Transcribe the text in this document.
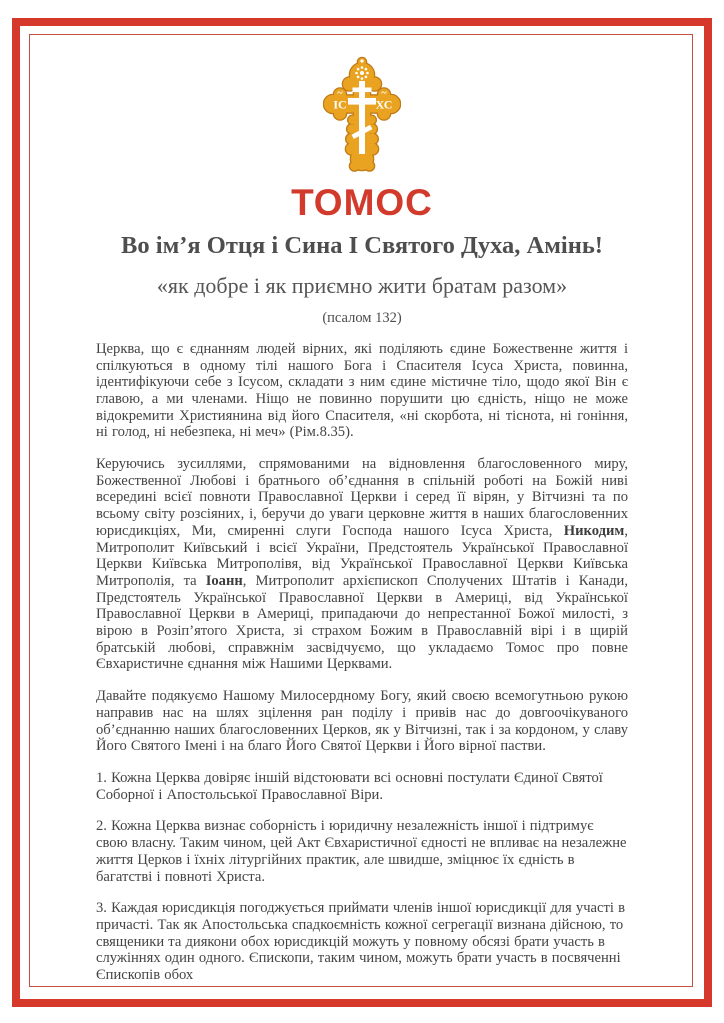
ІС
~
ХС
~
ТОМОС
Во ім’я Отця і Сина І Святого Духа, Амінь!
«як добре і як приємно жити братам разом»
(псалом 132)

Церква, що є єднанням людей вірних, які поділяють єдине Божественне життя і спілкуються в одному тілі нашого Бога і Спасителя Ісуса Христа, повинна, ідентифікуючи себе з Ісусом, складати з ним єдине містичне тіло, щодо якої Він є главою, а ми членами. Ніщо не повинно порушити цю єдність, ніщо не може відокремити Християнина від його Спасителя, «ні скорбота, ні тіснота, ні гоніння, ні голод, ні небезпека, ні меч» (Рім.8.35).

Керуючись зусиллями, спрямованими на відновлення благословенного миру, Божественної Любові і братнього об’єднання в спільній роботі на Божій ниві всередині всієї повноти Православної Церкви і серед її вірян, у Вітчизні та по всьому світу розсіяних, і, беручи до уваги церковне життя в наших благословенних юрисдикціях, Ми, смиренні слуги Господа нашого Ісуса Христа, Никодим, Митрополит Київський і всієї України, Предстоятель Української Православної Церкви Київська Митрополівя, від Української Православної Церкви Київська Митрополія, та Іоанн, Митрополит архієпископ Сполучених Штатів і Канади, Предстоятель Української Православної Церкви в Америці, від Української Православної Церкви в Америці, припадаючи до непрестанної Божої милості, з вірою в Розіп’ятого Христа, зі страхом Божим в Православній вірі і в щирій братській любові, справжнім засвідчуємо, що укладаємо Томос про повне Євхаристичне єднання між Нашими Церквами.

Давайте подякуємо Нашому Милосердному Богу, який своєю всемогутньою рукою направив нас на шлях зцілення ран поділу і привів нас до довгоочікуваного об’єднанню наших благословенних Церков, як у Вітчизні, так і за кордоном, у славу Його Святого Імені і на благо Його Святої Церкви і Його вірної пастви.

1. Кожна Церква довіряє іншій відстоювати всі основні постулати Єдиної Святої Соборної і Апостольської Православної Віри.

2. Кожна Церква визнає соборність і юридичну незалежність іншої і підтримує свою власну. Таким чином, цей Акт Євхаристичної єдності не впливає на незалежне життя Церков і їхніх літургійних практик, але швидше, зміцнює їх єдність в багатстві і повноті Христа.

3. Каждая юрисдикція погоджується приймати членів іншої юрисдикції для участі в причасті. Так як Апостольська спадкоємність кожної сегрегації визнана дійсною, то священики та диякони обох юрисдикцій можуть у повному обсязі брати участь в служіннях один одного. Єпископи, таким чином, можуть брати участь в посвяченні Єпископів обох
